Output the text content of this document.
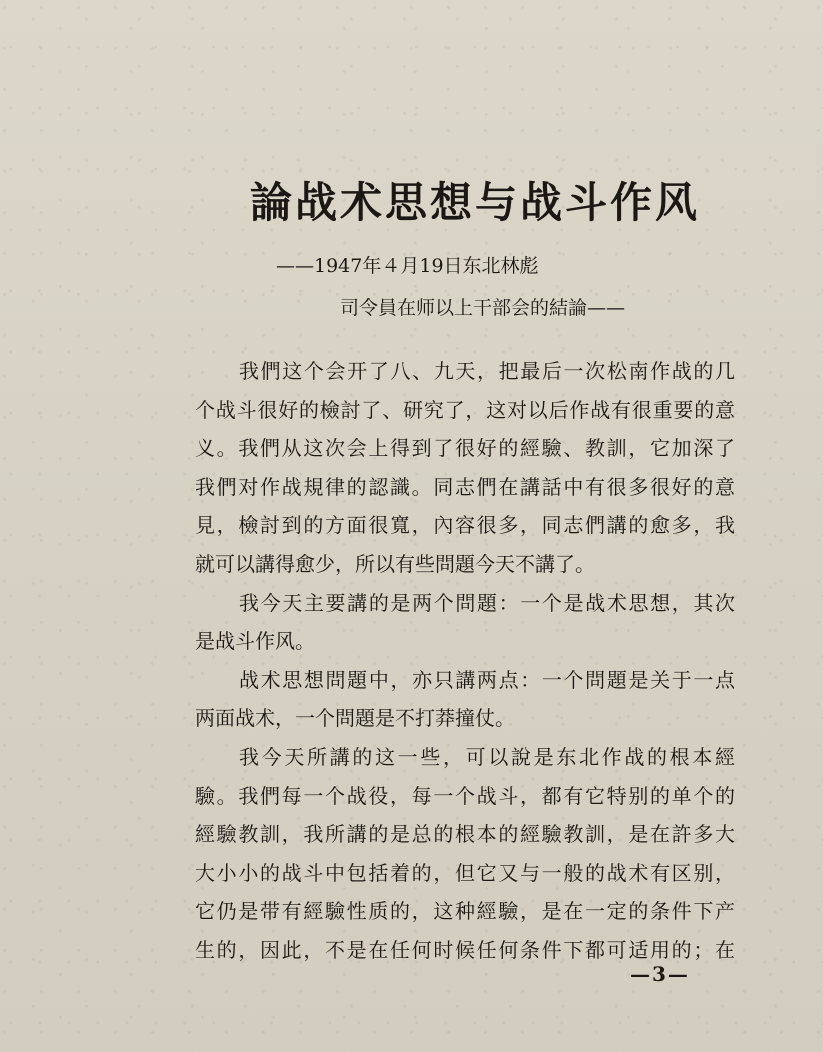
論战术思想与战斗作风
——1947年４月19日东北林彪
司令員在师以上干部会的結論——
我們这个会开了八、九天，把最后一次松南作战的几
个战斗很好的檢討了、研究了，这对以后作战有很重要的意
义。我們从这次会上得到了很好的經驗、教訓，它加深了
我們对作战規律的認識。同志們在講話中有很多很好的意
見，檢討到的方面很寬，內容很多，同志們講的愈多，我
就可以講得愈少，所以有些問題今天不講了。
我今天主要講的是两个問題：一个是战术思想，其次
是战斗作风。
战术思想問題中，亦只講两点：一个問題是关于一点
两面战术，一个問題是不打莽撞仗。
我今天所講的这一些，可以說是东北作战的根本經
驗。我們每一个战役，每一个战斗，都有它特别的单个的
經驗教訓，我所講的是总的根本的經驗教訓，是在許多大
大小小的战斗中包括着的，但它又与一般的战术有区别，
它仍是带有經驗性质的，这种經驗，是在一定的条件下产
生的，因此，不是在任何时候任何条件下都可适用的；在
—3—
